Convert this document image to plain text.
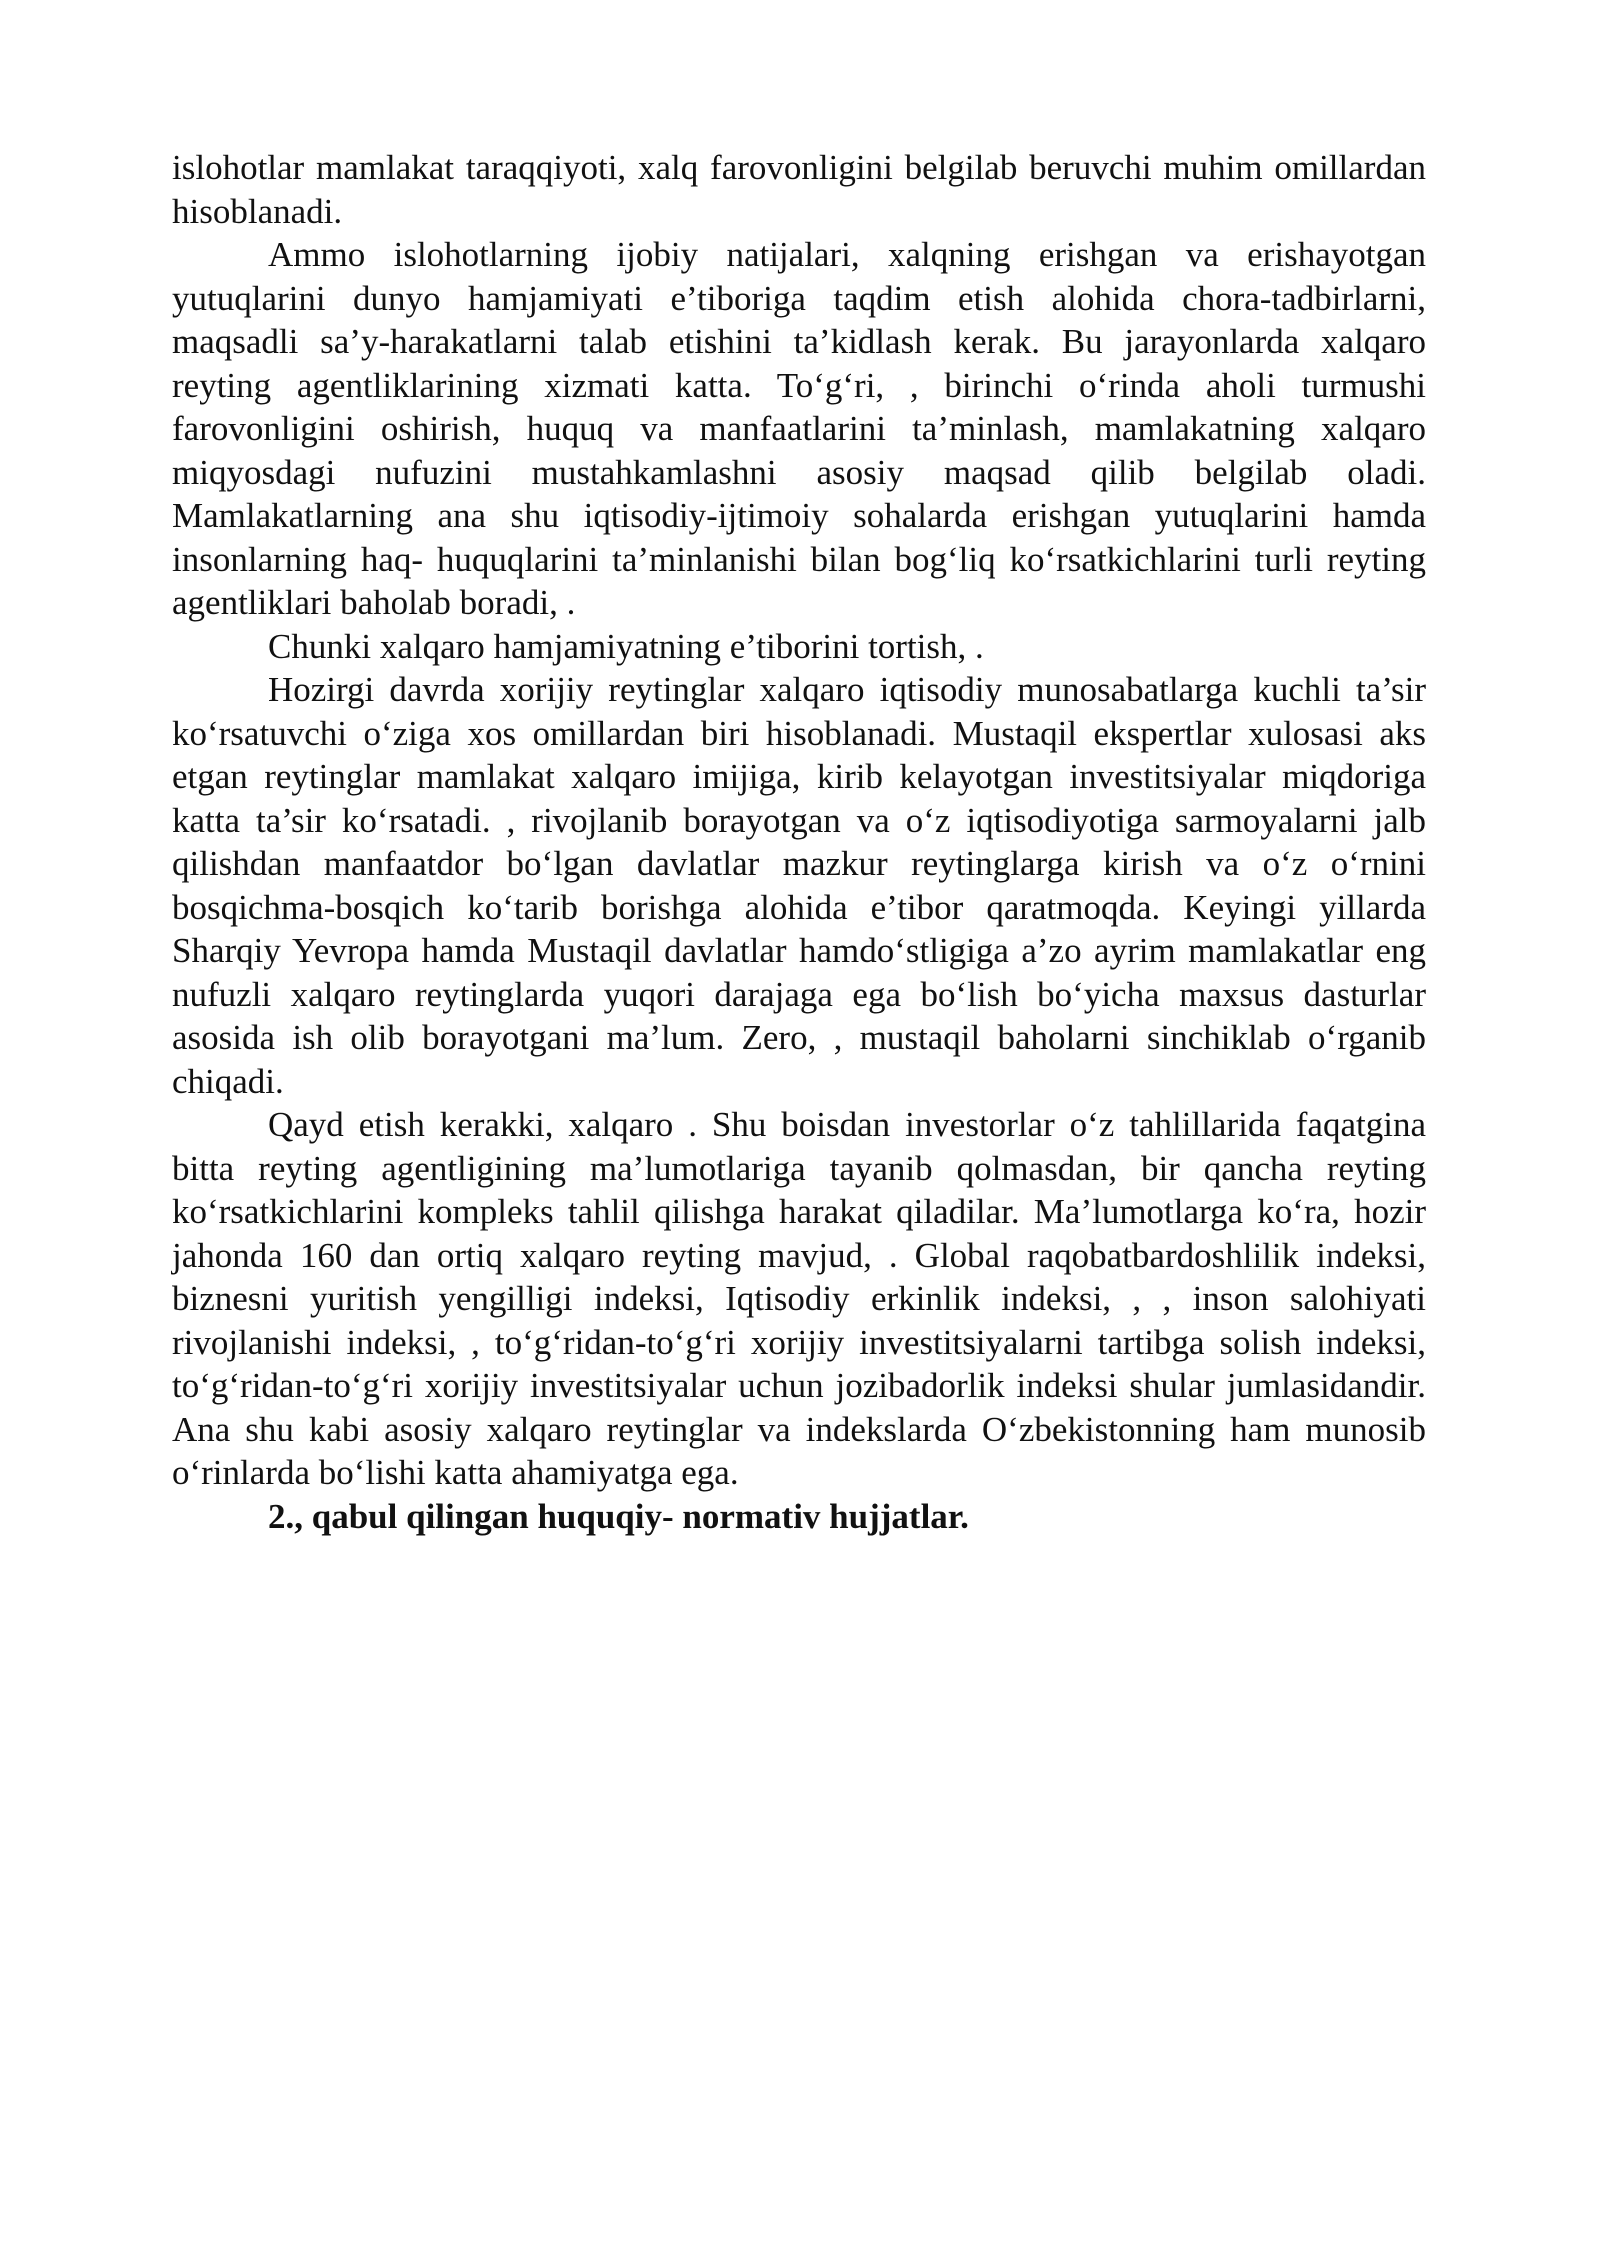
islohotlar mamlakat taraqqiyoti, xalq farovonligini belgilab beruvchi muhim omillardan hisoblanadi.

Ammo islohotlarning ijobiy natijalari, xalqning erishgan va erishayotgan yutuqlarini dunyo hamjamiyati e’tiboriga taqdim etish alohida chora-tadbirlarni, maqsadli sa’y-harakatlarni talab etishini ta’kidlash kerak. Bu jarayonlarda xalqaro reyting agentliklarining xizmati katta. To‘g‘ri, , birinchi o‘rinda aholi turmushi farovonligini oshirish, huquq va manfaatlarini ta’minlash, mamlakatning xalqaro miqyosdagi nufuzini mustahkamlashni asosiy maqsad qilib belgilab oladi. Mamlakatlarning ana shu iqtisodiy-ijtimoiy sohalarda erishgan yutuqlarini hamda insonlarning haq- huquqlarini ta’minlanishi bilan bog‘liq ko‘rsatkichlarini turli reyting agentliklari baholab boradi, .

Chunki xalqaro hamjamiyatning e’tiborini tortish, .

Hozirgi davrda xorijiy reytinglar xalqaro iqtisodiy munosabatlarga kuchli ta’sir ko‘rsatuvchi o‘ziga xos omillardan biri hisoblanadi. Mustaqil ekspertlar xulosasi aks etgan reytinglar mamlakat xalqaro imijiga, kirib kelayotgan investitsiyalar miqdoriga katta ta’sir ko‘rsatadi. , rivojlanib borayotgan va o‘z iqtisodiyotiga sarmoyalarni jalb qilishdan manfaatdor bo‘lgan davlatlar mazkur reytinglarga kirish va o‘z o‘rnini bosqichma-bosqich ko‘tarib borishga alohida e’tibor qaratmoqda. Keyingi yillarda Sharqiy Yevropa hamda Mustaqil davlatlar hamdo‘stligiga a’zo ayrim mamlakatlar eng nufuzli xalqaro reytinglarda yuqori darajaga ega bo‘lish bo‘yicha maxsus dasturlar asosida ish olib borayotgani ma’lum. Zero, , mustaqil baholarni sinchiklab o‘rganib chiqadi.

Qayd etish kerakki, xalqaro . Shu boisdan investorlar o‘z tahlillarida faqatgina bitta reyting agentligining ma’lumotlariga tayanib qolmasdan, bir qancha reyting ko‘rsatkichlarini kompleks tahlil qilishga harakat qiladilar. Ma’lumotlarga ko‘ra, hozir jahonda 160 dan ortiq xalqaro reyting mavjud, . Global raqobatbardoshlilik indeksi, biznesni yuritish yengilligi indeksi, Iqtisodiy erkinlik indeksi, , , inson salohiyati rivojlanishi indeksi, , to‘g‘ridan-to‘g‘ri xorijiy investitsiyalarni tartibga solish indeksi, to‘g‘ridan-to‘g‘ri xorijiy investitsiyalar uchun jozibadorlik indeksi shular jumlasidandir. Ana shu kabi asosiy xalqaro reytinglar va indekslarda O‘zbekistonning ham munosib o‘rinlarda bo‘lishi katta ahamiyatga ega.

2., qabul qilingan huquqiy- normativ hujjatlar.
